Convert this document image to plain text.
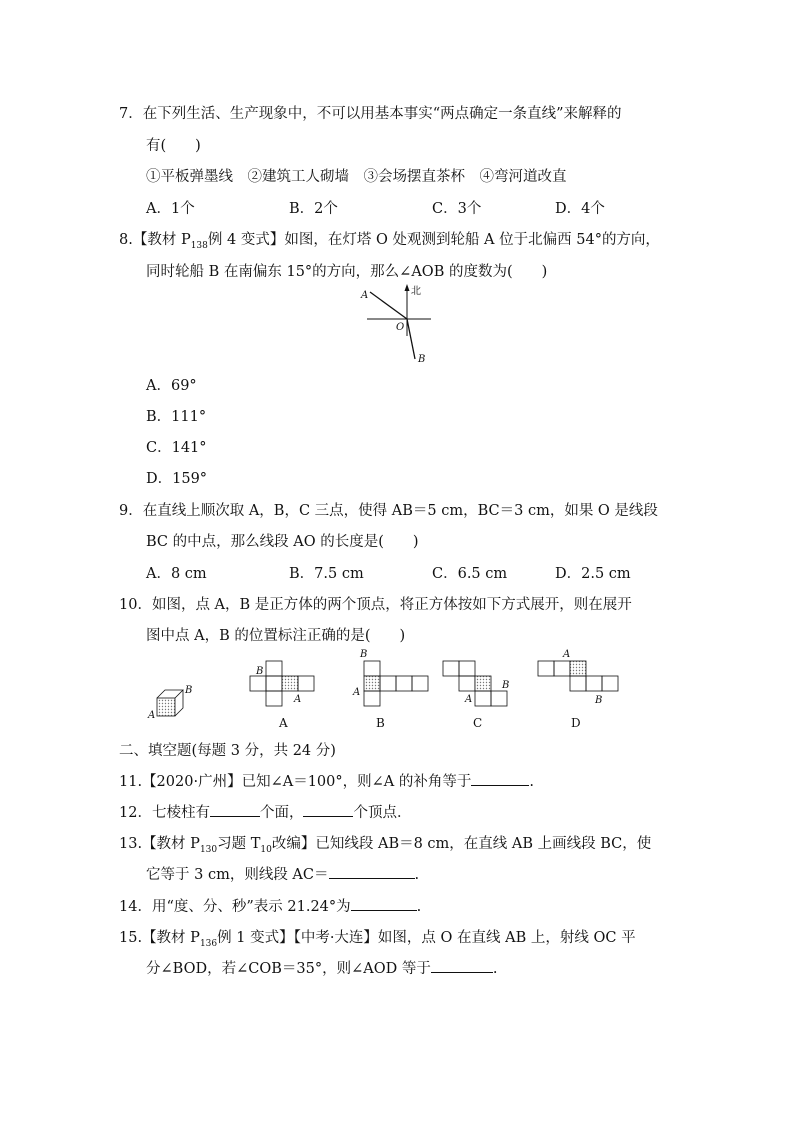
7．在下列生活、生产现象中，不可以用基本事实“两点确定一条直线”来解释的
有(　　)
①平板弹墨线　②建筑工人砌墙　③会场摆直茶杯　④弯河道改直
A．1个	B．2个	C．3个	D．4个
8.【教材 $P_{138}$例 4 变式】如图，在灯塔 O 处观测到轮船 A 位于北偏西 54°的方向，
同时轮船 B 在南偏东 15°的方向，那么∠AOB 的度数为(　　)
A	北
O
B
A．69°
B．111°
C．141°
D．159°
9．在直线上顺次取 A，B，C 三点，使得 AB＝5 cm，BC＝3 cm，如果 O 是线段
BC 的中点，那么线段 AO 的长度是(　　)
A．8 cm	B．7.5 cm	C．6.5 cm	D．2.5 cm
10．如图，点 A，B 是正方体的两个顶点，将正方体按如下方式展开，则在展开
图中点 A，B 的位置标注正确的是(　　)
A
B
B
A
A
B
A
B
A
B
C
A
B
D
二、填空题(每题 3 分，共 24 分)
11.【2020·广州】已知∠A＝100°，则∠A 的补角等于	.
12．七棱柱有	个面，	个顶点．
13.【教材 $P_{130}$习题 $T_{10}$改编】已知线段 AB＝8 cm，在直线 AB 上画线段 BC，使
它等于 3 cm，则线段 AC＝	.
14．用“度、分、秒”表示 21.24°为	.
15.【教材 $P_{136}$例 1 变式】【中考·大连】如图，点 O 在直线 AB 上，射线 OC 平
分∠BOD，若∠COB＝35°，则∠AOD 等于	.
